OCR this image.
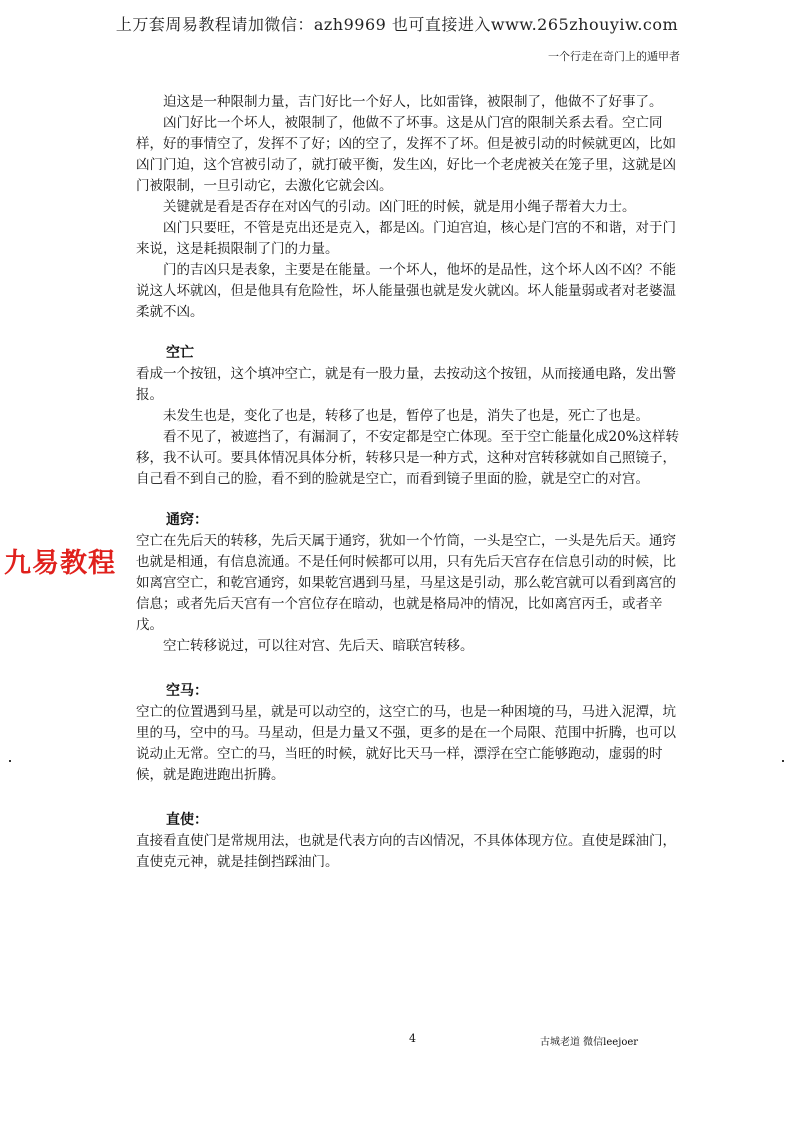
上万套周易教程请加微信：azh9969 也可直接进入www.265zhouyiw.com
一个行走在奇门上的遁甲者

迫这是一种限制力量，吉门好比一个好人，比如雷锋，被限制了，他做不了好事了。

凶门好比一个坏人，被限制了，他做不了坏事。这是从门宫的限制关系去看。空亡同样，好的事情空了，发挥不了好；凶的空了，发挥不了坏。但是被引动的时候就更凶，比如凶门门迫，这个宫被引动了，就打破平衡，发生凶，好比一个老虎被关在笼子里，这就是凶门被限制，一旦引动它，去激化它就会凶。

关键就是看是否存在对凶气的引动。凶门旺的时候，就是用小绳子帮着大力士。

凶门只要旺，不管是克出还是克入，都是凶。门迫宫迫，核心是门宫的不和谐，对于门来说，这是耗损限制了门的力量。

门的吉凶只是表象，主要是在能量。一个坏人，他坏的是品性，这个坏人凶不凶？不能说这人坏就凶，但是他具有危险性，坏人能量强也就是发火就凶。坏人能量弱或者对老婆温柔就不凶。

空亡

看成一个按钮，这个填冲空亡，就是有一股力量，去按动这个按钮，从而接通电路，发出警报。

未发生也是，变化了也是，转移了也是，暂停了也是，消失了也是，死亡了也是。

看不见了，被遮挡了，有漏洞了，不安定都是空亡体现。至于空亡能量化成20%这样转移，我不认可。要具体情况具体分析，转移只是一种方式，这种对宫转移就如自己照镜子，自己看不到自己的脸，看不到的脸就是空亡，而看到镜子里面的脸，就是空亡的对宫。

通窍：

空亡在先后天的转移，先后天属于通窍，犹如一个竹筒，一头是空亡，一头是先后天。通窍也就是相通，有信息流通。不是任何时候都可以用，只有先后天宫存在信息引动的时候，比如离宫空亡，和乾宫通窍，如果乾宫遇到马星，马星这是引动，那么乾宫就可以看到离宫的信息；或者先后天宫有一个宫位存在暗动，也就是格局冲的情况，比如离宫丙壬，或者辛戊。

空亡转移说过，可以往对宫、先后天、暗联宫转移。

空马：

空亡的位置遇到马星，就是可以动空的，这空亡的马，也是一种困境的马，马进入泥潭，坑里的马，空中的马。马星动，但是力量又不强，更多的是在一个局限、范围中折腾，也可以说动止无常。空亡的马，当旺的时候，就好比天马一样，漂浮在空亡能够跑动，虚弱的时候，就是跑进跑出折腾。

直使：

直接看直使门是常规用法，也就是代表方向的吉凶情况，不具体体现方位。直使是踩油门，直使克元神，就是挂倒挡踩油门。

九易教程
4	古城老道 微信leejoer
